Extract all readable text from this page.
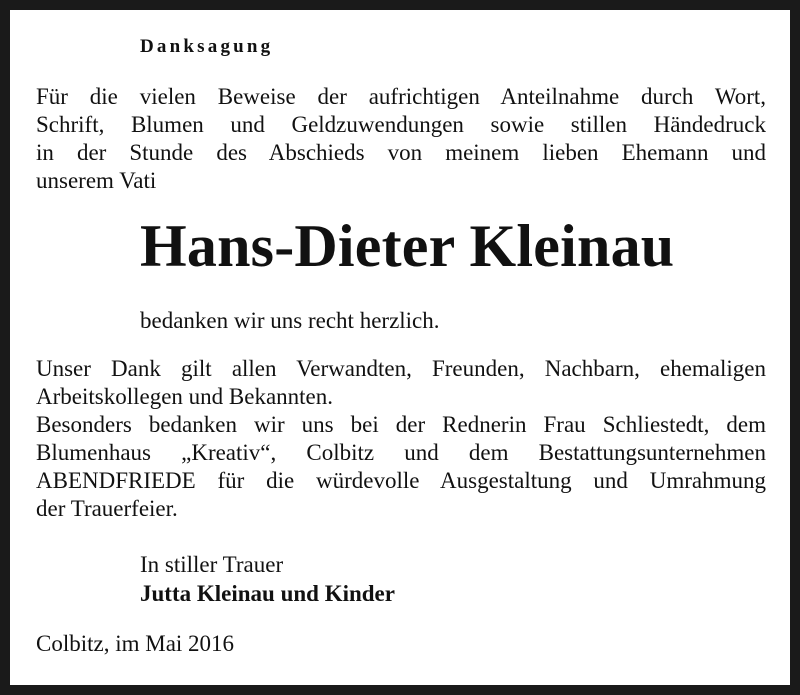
Danksagung
Für die vielen Beweise der aufrichtigen Anteilnahme durch Wort,
Schrift, Blumen und Geldzuwendungen sowie stillen Händedruck
in der Stunde des Abschieds von meinem lieben Ehemann und
unserem Vati
Hans-Dieter Kleinau
bedanken wir uns recht herzlich.
Unser Dank gilt allen Verwandten, Freunden, Nachbarn, ehemaligen
Arbeitskollegen und Bekannten.
Besonders bedanken wir uns bei der Rednerin Frau Schliestedt, dem
Blumenhaus „Kreativ“, Colbitz und dem Bestattungsunternehmen
ABENDFRIEDE für die würdevolle Ausgestaltung und Umrahmung
der Trauerfeier.
In stiller Trauer
Jutta Kleinau und Kinder
Colbitz, im Mai 2016
